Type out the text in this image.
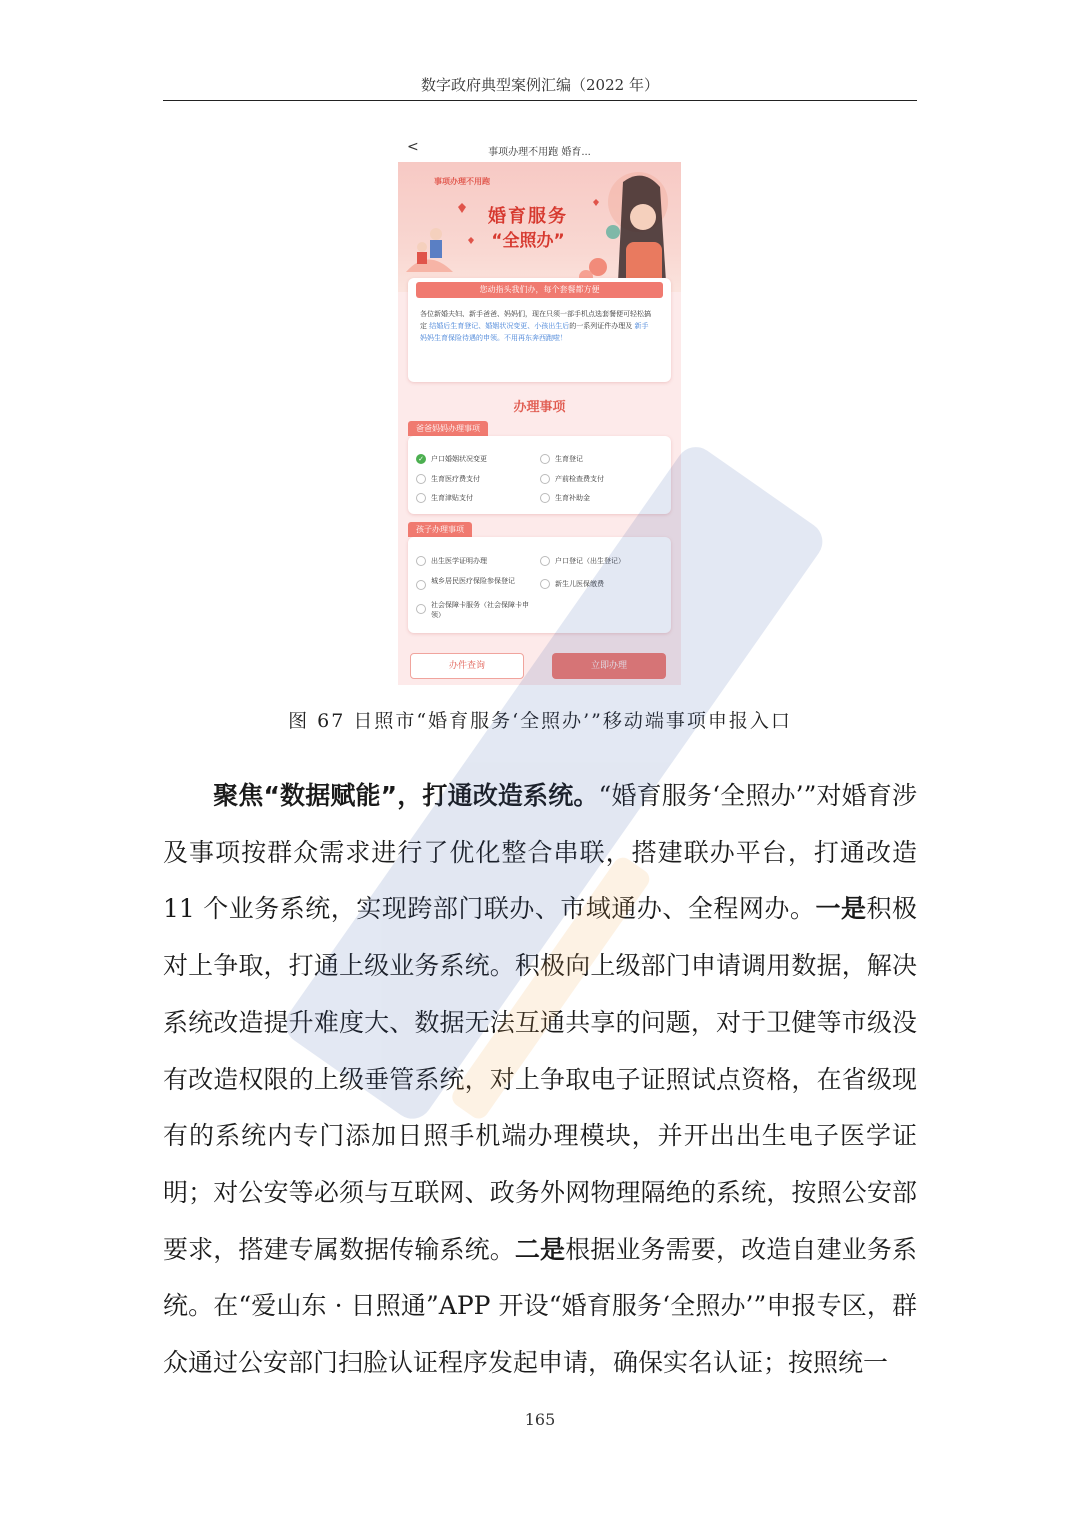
数字政府典型案例汇编（2022 年）
<	事项办理不用跑 婚育...
事项办理不用跑
婚育服务
“全照办”
您动指头我们办，每个套餐都方便
各位新婚夫妇、新手爸爸、妈妈们，现在只须一部手机点选套餐便可轻松搞定 结婚后生育登记、婚姻状况变更、小孩出生后的一系列证件办理及 新手妈妈生育保险待遇的申领。不用再东奔西跑啦！
办理事项
爸爸妈妈办理事项
✓ 户口婚姻状况变更	生育登记
生育医疗费支付	产前检查费支付
生育津贴支付	生育补助金
孩子办理事项
出生医学证明办理	户口登记（出生登记）
城乡居民医疗保险参保登记	新生儿医保缴费
社会保障卡服务（社会保障卡申领）
办件查询	立即办理
图 67 日照市“婚育服务‘全照办’”移动端事项申报入口
聚焦“数据赋能”，打通改造系统。“婚育服务‘全照办’”对婚育涉及事项按群众需求进行了优化整合串联，搭建联办平台，打通改造 11 个业务系统，实现跨部门联办、市域通办、全程网办。一是积极对上争取，打通上级业务系统。积极向上级部门申请调用数据，解决系统改造提升难度大、数据无法互通共享的问题，对于卫健等市级没有改造权限的上级垂管系统，对上争取电子证照试点资格，在省级现有的系统内专门添加日照手机端办理模块，并开出出生电子医学证明；对公安等必须与互联网、政务外网物理隔绝的系统，按照公安部要求，搭建专属数据传输系统。二是根据业务需要，改造自建业务系统。在“爱山东 · 日照通”APP 开设“婚育服务‘全照办’”申报专区，群众通过公安部门扫脸认证程序发起申请，确保实名认证；按照统一
165
